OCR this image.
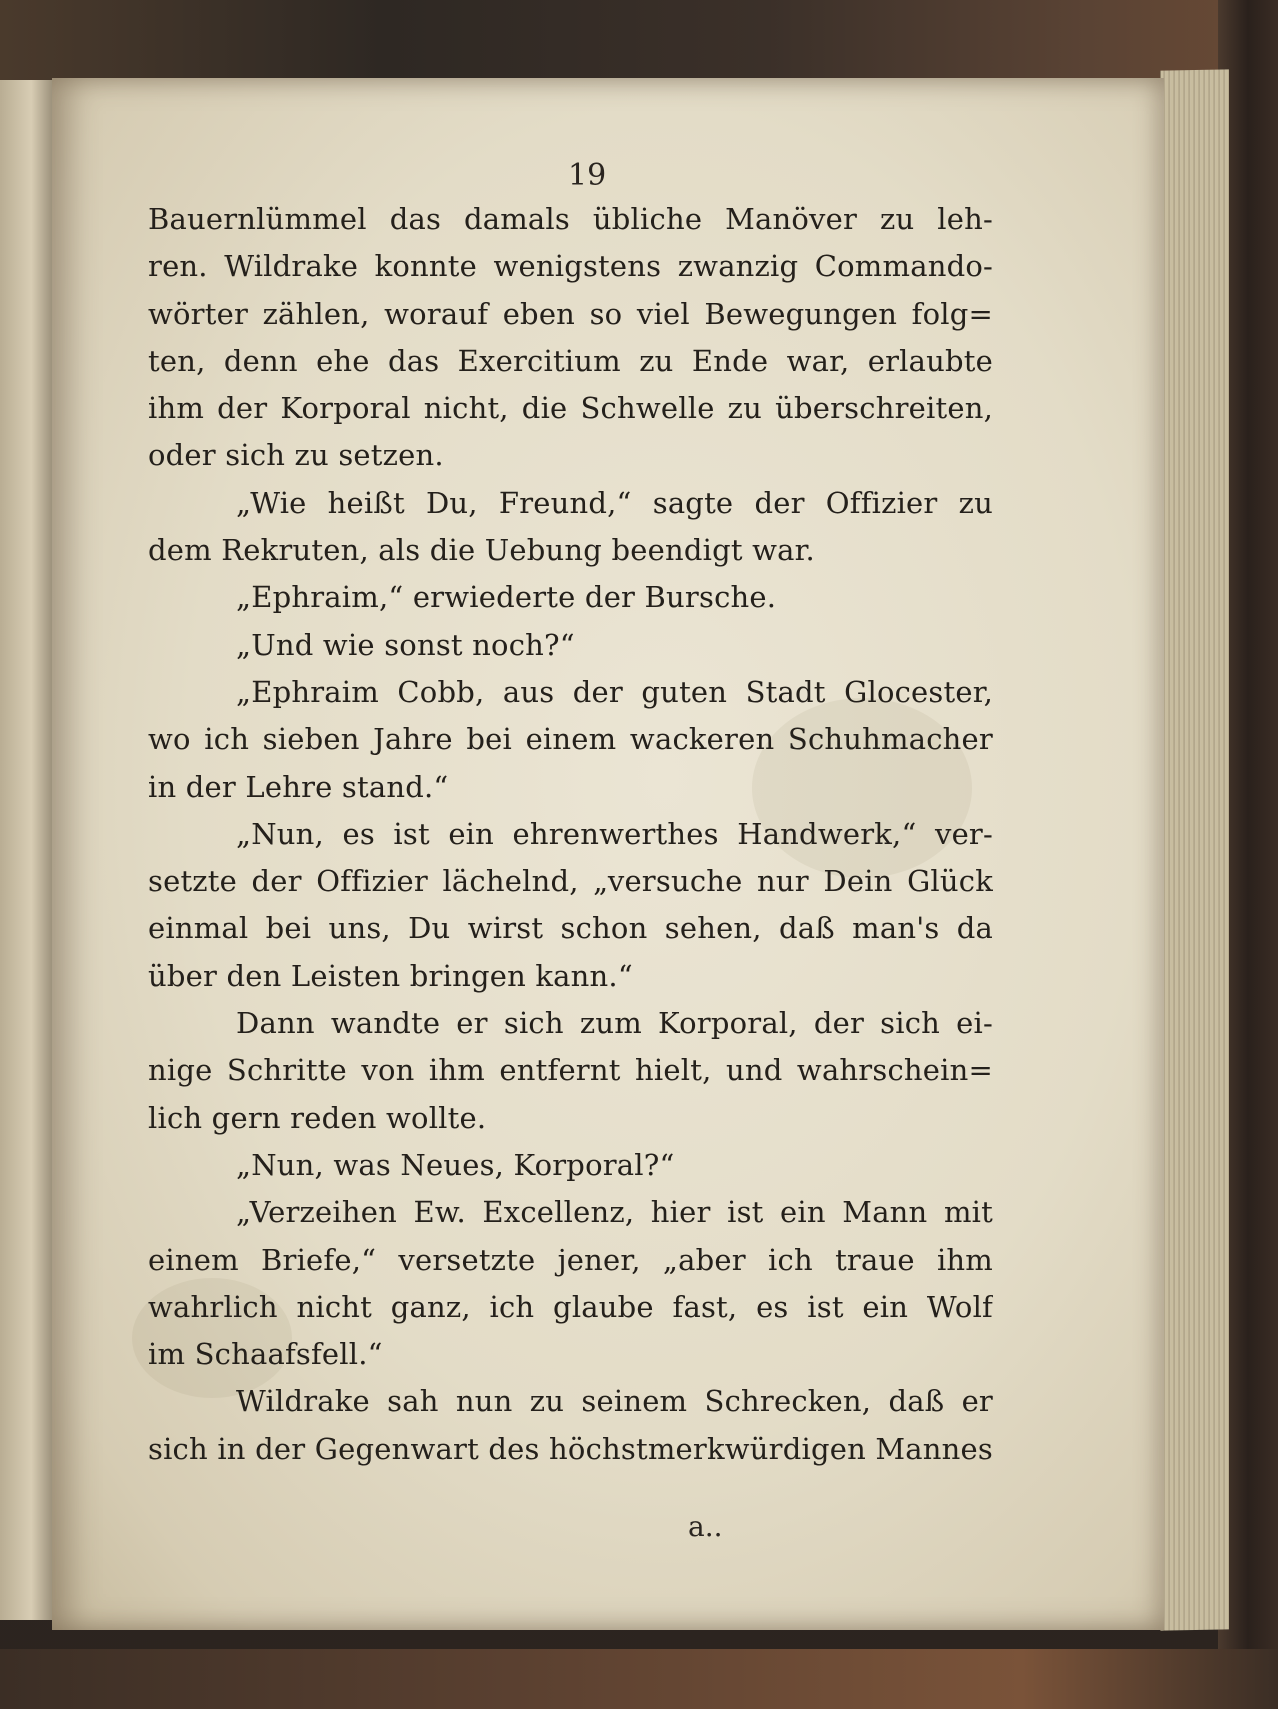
19
Bauernlümmel das damals übliche Manöver zu leh-
ren. Wildrake konnte wenigstens zwanzig Commando-
wörter zählen, worauf eben so viel Bewegungen folg=
ten, denn ehe das Exercitium zu Ende war, erlaubte
ihm der Korporal nicht, die Schwelle zu überschreiten,
oder sich zu setzen.
„Wie heißt Du, Freund,“ sagte der Offizier zu
dem Rekruten, als die Uebung beendigt war.
„Ephraim,“ erwiederte der Bursche.
„Und wie sonst noch?“
„Ephraim Cobb, aus der guten Stadt Glocester,
wo ich sieben Jahre bei einem wackeren Schuhmacher
in der Lehre stand.“
„Nun, es ist ein ehrenwerthes Handwerk,“ ver-
setzte der Offizier lächelnd, „versuche nur Dein Glück
einmal bei uns, Du wirst schon sehen, daß man's da
über den Leisten bringen kann.“
Dann wandte er sich zum Korporal, der sich ei-
nige Schritte von ihm entfernt hielt, und wahrschein=
lich gern reden wollte.
„Nun, was Neues, Korporal?“
„Verzeihen Ew. Excellenz, hier ist ein Mann mit
einem Briefe,“ versetzte jener, „aber ich traue ihm
wahrlich nicht ganz, ich glaube fast, es ist ein Wolf
im Schaafsfell.“
Wildrake sah nun zu seinem Schrecken, daß er
sich in der Gegenwart des höchstmerkwürdigen Mannes
a..
